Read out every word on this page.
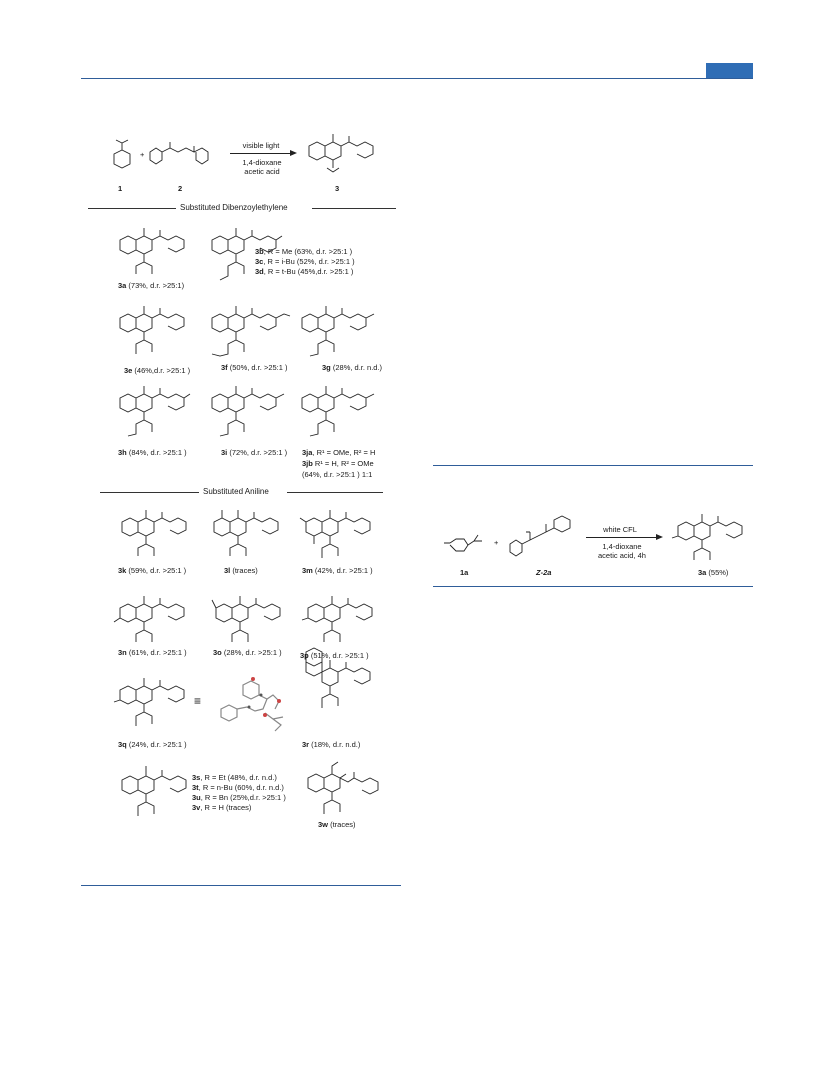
1
+
2
visible light
1,4-dioxane
acetic acid
3
Substituted Dibenzoylethylene
3a (73%, d.r. >25:1)
3b, R = Me (63%, d.r. >25:1 )
3c, R = i-Bu (52%, d.r. >25:1 )
3d, R = t-Bu (45%,d.r. >25:1 )
3e (46%,d.r. >25:1 )	3f (50%, d.r. >25:1 )	3g (28%, d.r. n.d.)
3h (84%, d.r. >25:1 )	3i (72%, d.r. >25:1 ) 3ja, R¹ = OMe, R² = H
3jb R¹ = H, R² = OMe
(64%, d.r. >25:1 ) 1:1
Substituted Aniline
≡
3k (59%, d.r. >25:1 )	3l (traces)	3m (42%, d.r. >25:1 )
3n (61%, d.r. >25:1 )	3o (28%, d.r. >25:1 ) 3p (51%, d.r. >25:1 )
3q (24%, d.r. >25:1 )	3r (18%, d.r. n.d.)
3s, R = Et (48%, d.r. n.d.)
3t, R = n-Bu (60%, d.r. n.d.)
3u, R = Bn (25%,d.r. >25:1 )
3v, R = H (traces)
3w (traces)
1a
+
Z-2a
white CFL
1,4-dioxane
acetic acid, 4h
3a (55%)
